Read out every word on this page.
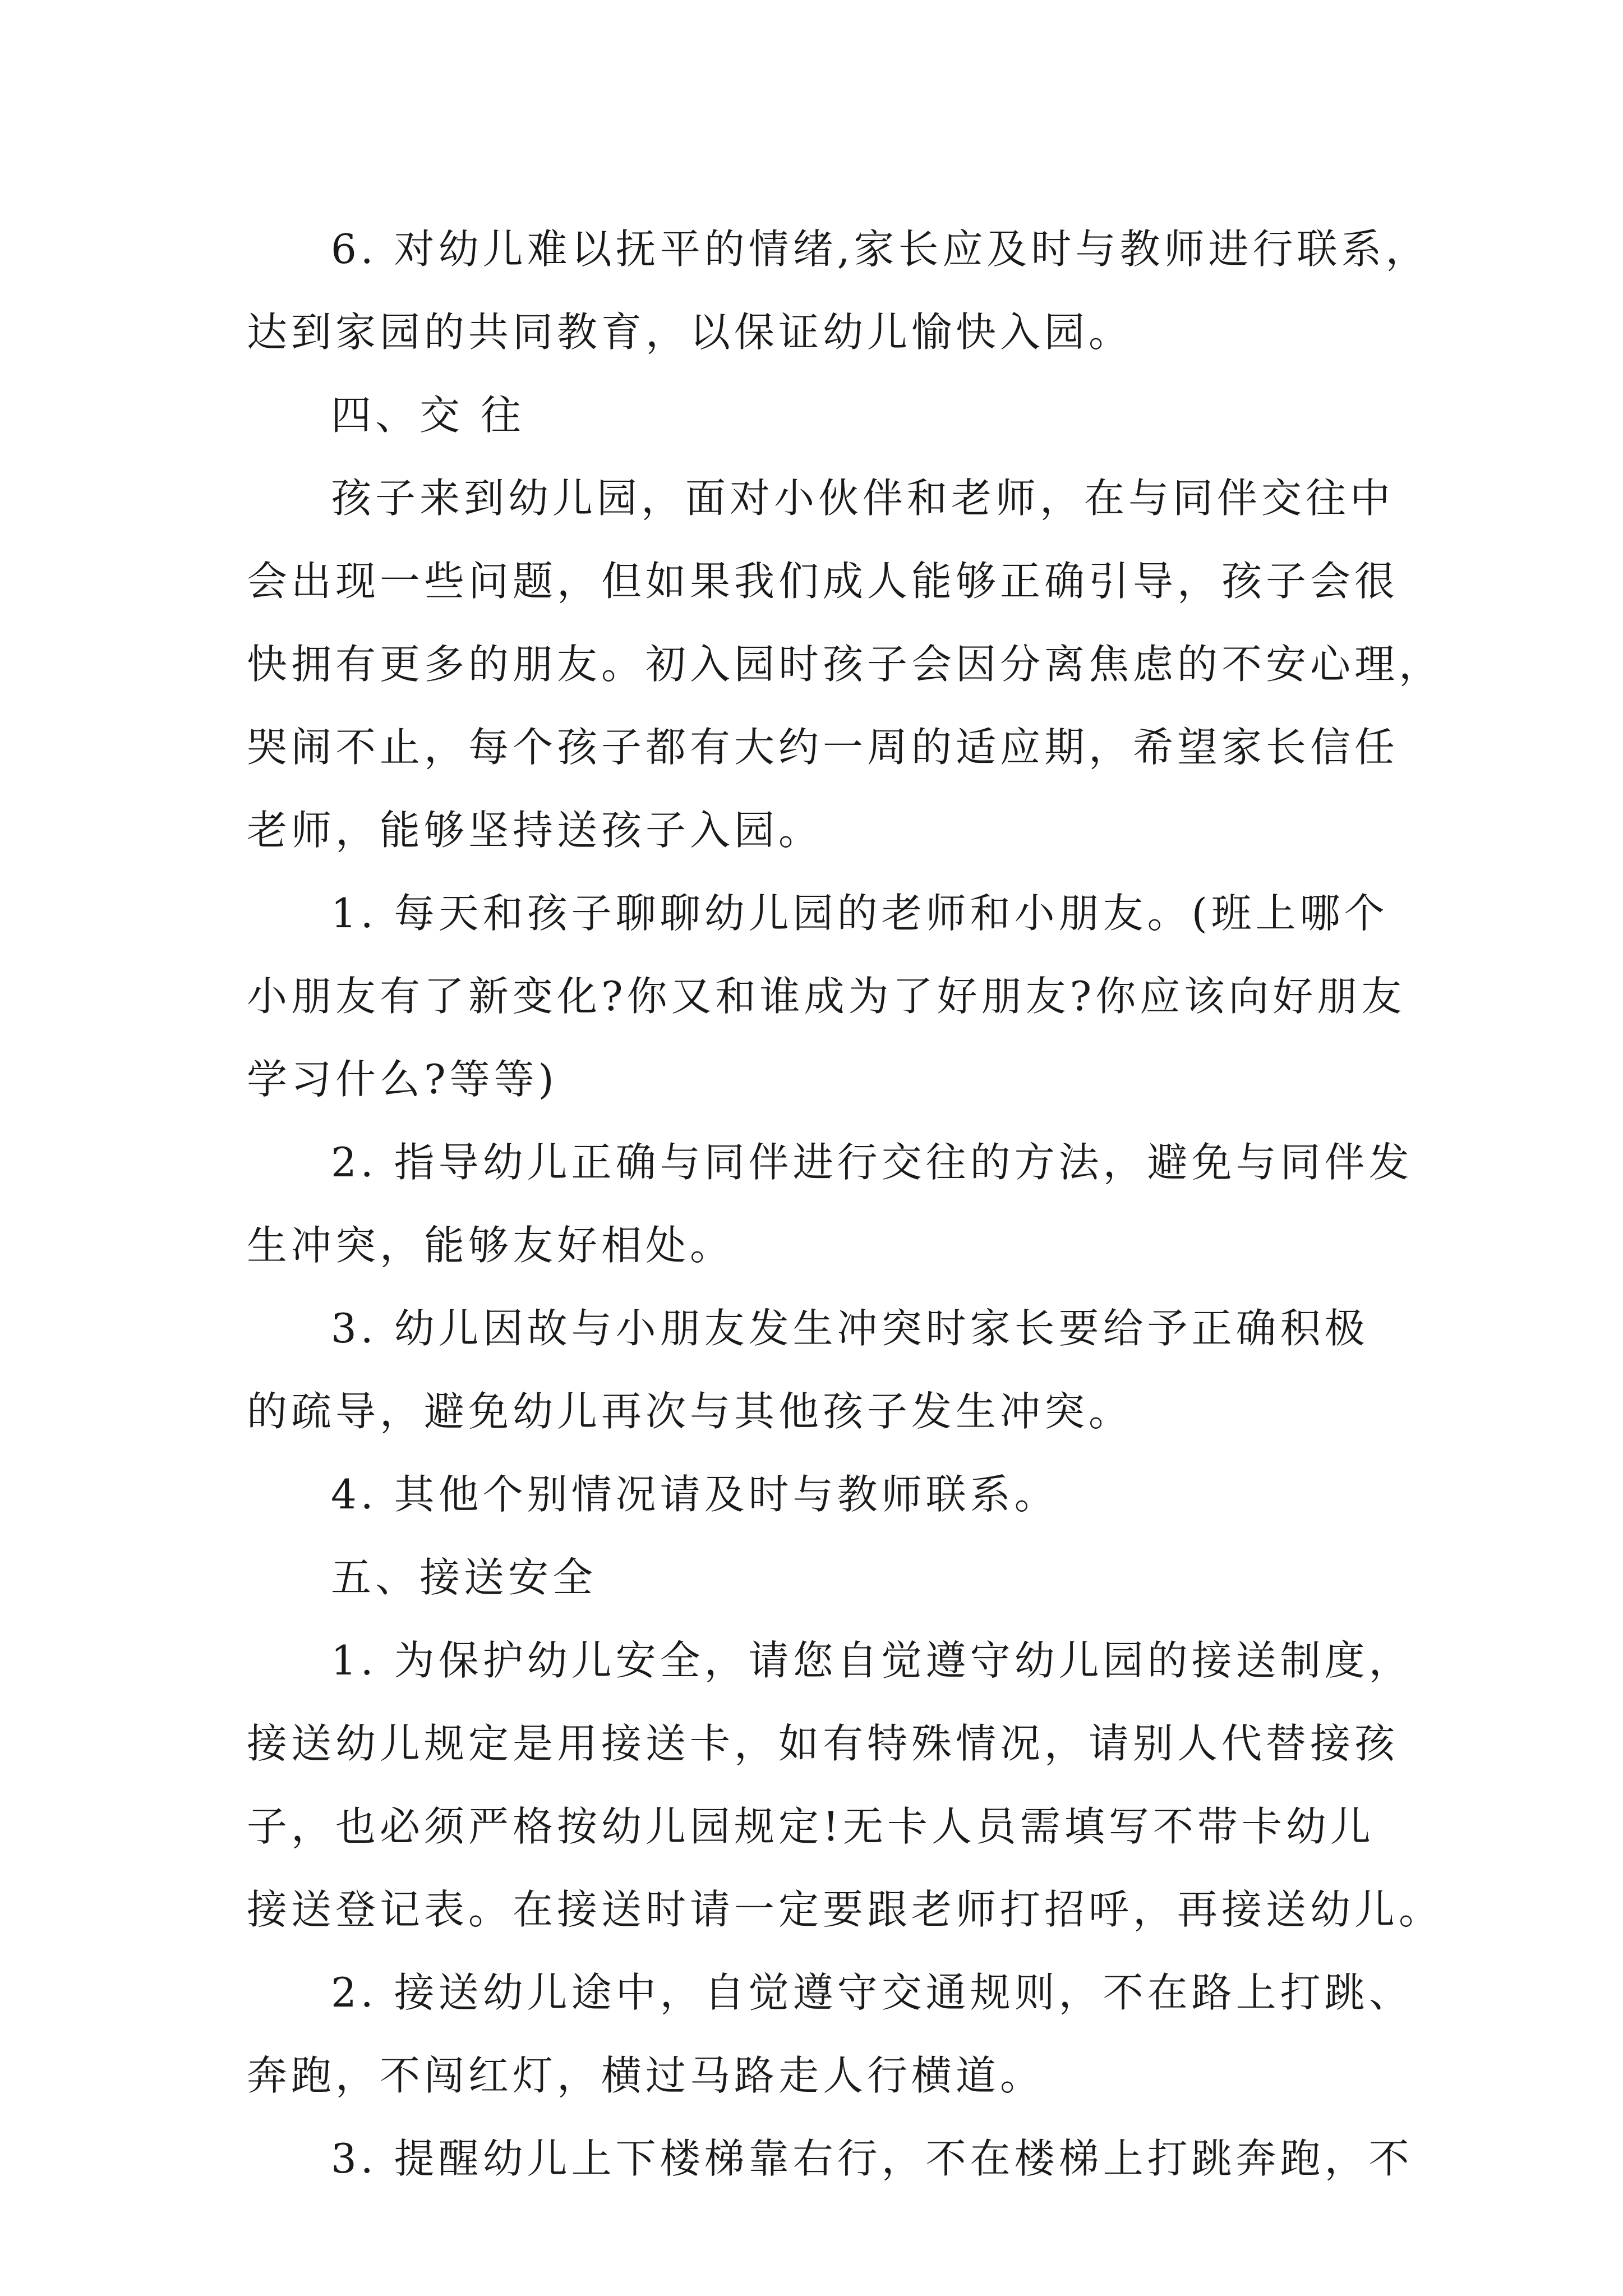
6. 对幼儿难以抚平的情绪,家长应及时与教师进行联系，
达到家园的共同教育，以保证幼儿愉快入园。
四、交 往
孩子来到幼儿园，面对小伙伴和老师，在与同伴交往中
会出现一些问题，但如果我们成人能够正确引导，孩子会很
快拥有更多的朋友。初入园时孩子会因分离焦虑的不安心理，
哭闹不止，每个孩子都有大约一周的适应期，希望家长信任
老师，能够坚持送孩子入园。
1. 每天和孩子聊聊幼儿园的老师和小朋友。(班上哪个
小朋友有了新变化?你又和谁成为了好朋友?你应该向好朋友
学习什么?等等)
2. 指导幼儿正确与同伴进行交往的方法，避免与同伴发
生冲突，能够友好相处。
3. 幼儿因故与小朋友发生冲突时家长要给予正确积极
的疏导，避免幼儿再次与其他孩子发生冲突。
4. 其他个别情况请及时与教师联系。
五、接送安全
1. 为保护幼儿安全，请您自觉遵守幼儿园的接送制度，
接送幼儿规定是用接送卡，如有特殊情况，请别人代替接孩
子，也必须严格按幼儿园规定!无卡人员需填写不带卡幼儿
接送登记表。在接送时请一定要跟老师打招呼，再接送幼儿。
2. 接送幼儿途中，自觉遵守交通规则，不在路上打跳、
奔跑，不闯红灯，横过马路走人行横道。
3. 提醒幼儿上下楼梯靠右行，不在楼梯上打跳奔跑，不
